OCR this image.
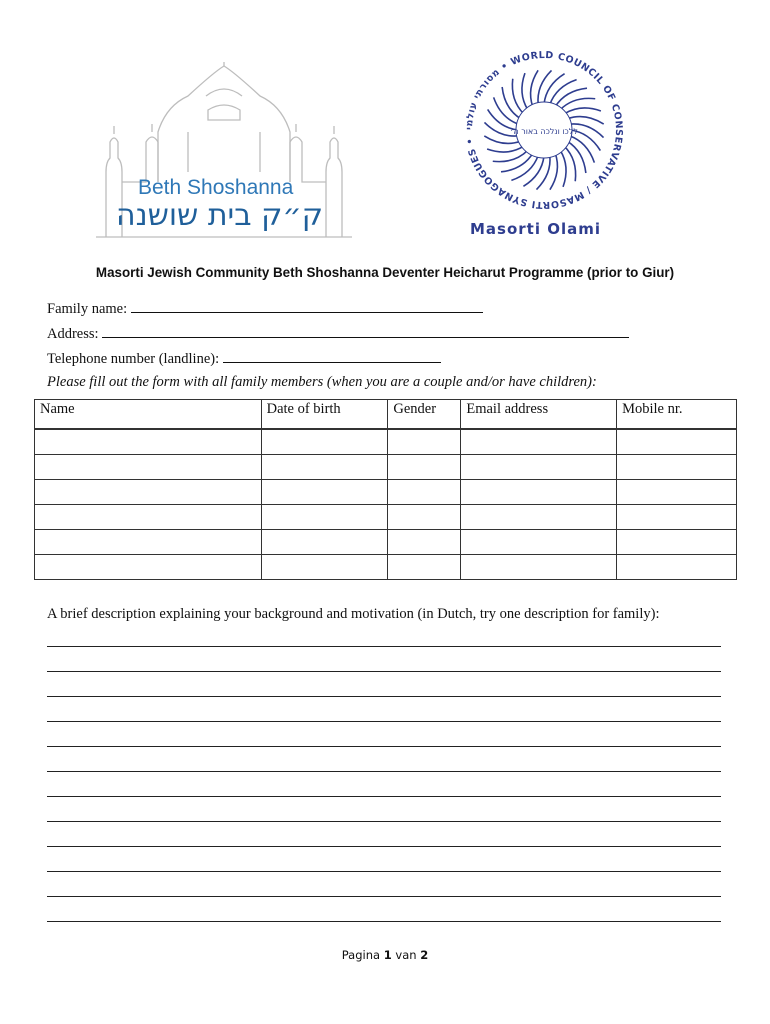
Beth Shoshanna
ק״ק בית שושנה
מסורתי עולמי • WORLD COUNCIL OF CONSERVATIVE / MASORTI SYNAGOGUES •
ללכו ונלכה באור ה׳
Masorti Olami
Masorti Jewish Community Beth Shoshanna Deventer Heicharut Programme (prior to Giur)
Family name:
Address:
Telephone number (landline):
Please fill out the form with all family members (when you are a couple and/or have children):
Name	Date of birth	Gender	Email address	Mobile nr.

A brief description explaining your background and motivation (in Dutch, try one description for family):
Pagina 1 van 2
